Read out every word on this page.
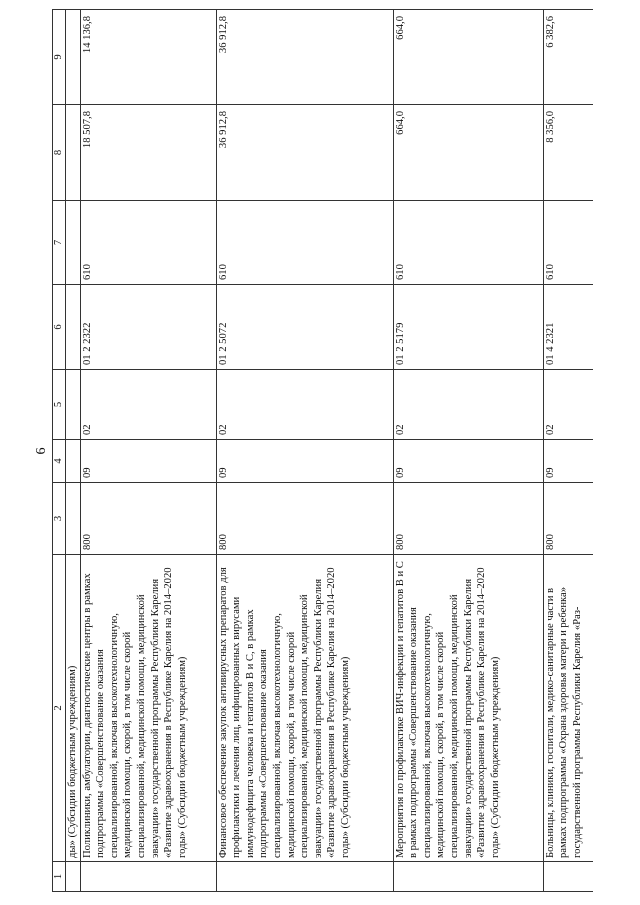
6
1	2	3	4	5	6	7	8	9
	ды» (Субсидии бюджетным учреждениям)							
	Поликлиники, амбулатории, диагностические центры в рамках подпрограммы «Совершенствование оказания специализированной, включая высокотехнологичную, медицинской помощи, скорой, в том числе скорой специализированной, медицинской помощи, медицинской эвакуации» государственной программы Республики Карелия «Развитие здравоохранения в Республике Карелия на 2014–2020 годы» (Субсидии бюджетным учреждениям)	800	09	02	01 2 2322	610	18 507,8	14 136,8
	Финансовое обеспечение закупок антивирусных препаратов для профилактики и лечения лиц, инфицированных вирусами иммунодефицита человека и гепатитов В и С, в рамках подпрограммы «Совершенствование оказания специализированной, включая высокотехнологичную, медицинской помощи, скорой, в том числе скорой специализированной, медицинской помощи, медицинской эвакуации» государственной программы Республики Карелия «Развитие здравоохранения в Республике Карелия на 2014–2020 годы» (Субсидии бюджетным учреждениям)	800	09	02	01 2 5072	610	36 912,8	36 912,8
	Мероприятия по профилактике ВИЧ-инфекции и гепатитов В и С в рамках подпрограммы «Совершенствование оказания специализированной, включая высокотехнологичную, медицинской помощи, скорой, в том числе скорой специализированной, медицинской помощи, медицинской эвакуации» государственной программы Республики Карелия «Развитие здравоохранения в Республике Карелия на 2014–2020 годы» (Субсидии бюджетным учреждениям)	800	09	02	01 2 5179	610	664,0	664,0
	Больницы, клиники, госпитали, медико-санитарные части в рамках подпрограммы «Охрана здоровья матери и ребенка» государственной программы Республики Карелия «Раз-	800	09	02	01 4 2321	610	8 356,0	6 382,6
